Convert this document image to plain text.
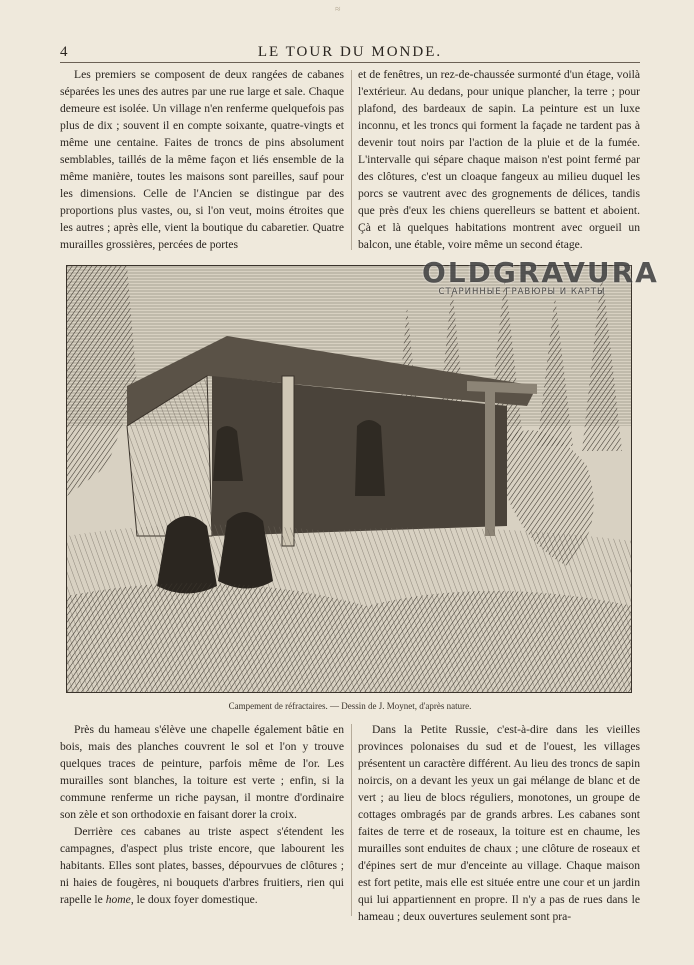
≈
4	LE TOUR DU MONDE.

Les premiers se composent de deux rangées de cabanes séparées les unes des autres par une rue large et sale. Chaque demeure est isolée. Un village n'en renferme quelquefois pas plus de dix ; souvent il en compte soixante, quatre-vingts et même une centaine. Faites de troncs de pins absolument semblables, taillés de la même façon et liés ensemble de la même manière, toutes les maisons sont pareilles, sauf pour les dimensions. Celle de l'Ancien se distingue par des proportions plus vastes, ou, si l'on veut, moins étroites que les autres ; après elle, vient la boutique du cabaretier. Quatre murailles grossières, percées de portes

et de fenêtres, un rez-de-chaussée surmonté d'un étage, voilà l'extérieur. Au dedans, pour unique plancher, la terre ; pour plafond, des bardeaux de sapin. La peinture est un luxe inconnu, et les troncs qui forment la façade ne tardent pas à devenir tout noirs par l'action de la pluie et de la fumée. L'intervalle qui sépare chaque maison n'est point fermé par des clôtures, c'est un cloaque fangeux au milieu duquel les porcs se vautrent avec des grognements de délices, tandis que près d'eux les chiens querelleurs se battent et aboient. Çà et là quelques habitations montrent avec orgueil un balcon, une étable, voire même un second étage.

OLDGRAVURA
СТАРИННЫЕ ГРАВЮРЫ И КАРТЫ
Campement de réfractaires. — Dessin de J. Moynet, d'après nature.

Près du hameau s'élève une chapelle également bâtie en bois, mais des planches couvrent le sol et l'on y trouve quelques traces de peinture, parfois même de l'or. Les murailles sont blanches, la toiture est verte ; enfin, si la commune renferme un riche paysan, il montre d'ordinaire son zèle et son orthodoxie en faisant dorer la croix.

Derrière ces cabanes au triste aspect s'étendent les campagnes, d'aspect plus triste encore, que labourent les habitants. Elles sont plates, basses, dépourvues de clôtures ; ni haies de fougères, ni bouquets d'arbres fruitiers, rien qui rapelle le home, le doux foyer domestique.

Dans la Petite Russie, c'est-à-dire dans les vieilles provinces polonaises du sud et de l'ouest, les villages présentent un caractère différent. Au lieu des troncs de sapin noircis, on a devant les yeux un gai mélange de blanc et de vert ; au lieu de blocs réguliers, monotones, un groupe de cottages ombragés par de grands arbres. Les cabanes sont faites de terre et de roseaux, la toiture est en chaume, les murailles sont enduites de chaux ; une clôture de roseaux et d'épines sert de mur d'enceinte au village. Chaque maison est fort petite, mais elle est située entre une cour et un jardin qui lui appartiennent en propre. Il n'y a pas de rues dans le hameau ; deux ouvertures seulement sont pra-
